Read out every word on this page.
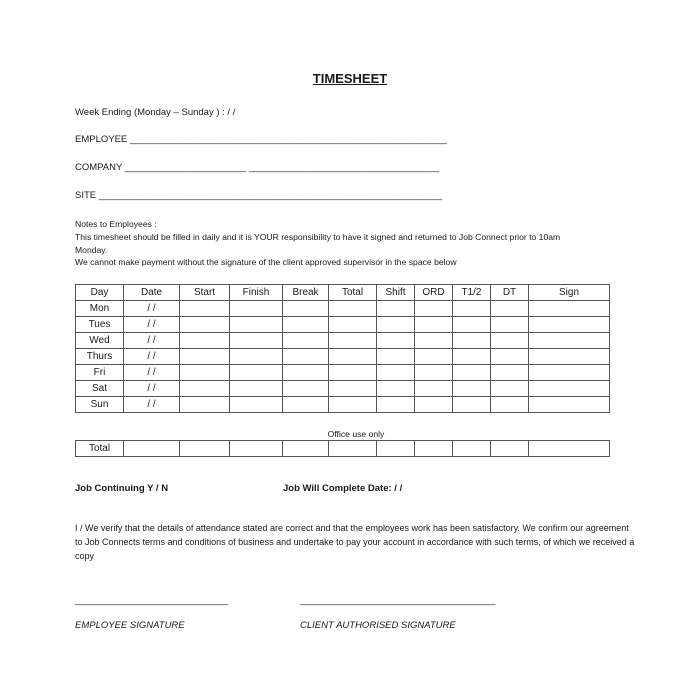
TIMESHEET
Week Ending (Monday – Sunday ) : / /
EMPLOYEE ____________________________________________________________
COMPANY _______________________ ____________________________________
SITE _________________________________________________________________
Notes to Employees :
This timesheet should be filled in daily and it is YOUR responsibility to have it signed and returned to Job Connect prior to 10am
Monday.
We cannot make payment without the signature of the client approved supervisor in the space below
Day	Date	Start	Finish	Break	Total	Shift	ORD	T1/2	DT	Sign
Mon	/ /									
Tues	/ /									
Wed	/ /									
Thurs	/ /									
Fri	/ /									
Sat	/ /									
Sun	/ /									
Office use only
Total										
Job Continuing Y / N	Job Will Complete Date: / /
I / We verify that the details of attendance stated are correct and that the employees work has been satisfactory. We confirm our agreement to Job Connects terms and conditions of business and undertake to pay your account in accordance with such terms, of which we received a copy
_____________________________	_____________________________________
EMPLOYEE SIGNATURE	CLIENT AUTHORISED SIGNATURE
